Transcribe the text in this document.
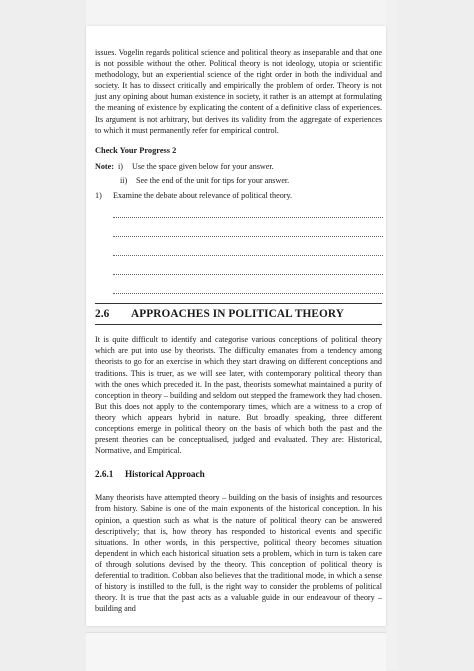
issues. Vogelin regards political science and political theory as inseparable and that one is not possible without the other. Political theory is not ideology, utopia or scientific methodology, but an experiential science of the right order in both the individual and society. It has to dissect critically and empirically the problem of order. Theory is not just any opining about human existence in society, it rather is an attempt at formulating the meaning of existence by explicating the content of a definitive class of experiences. Its argument is not arbitrary, but derives its validity from the aggregate of experiences to which it must permanently refer for empirical control.

Check Your Progress 2
Note: i)	Use the space given below for your answer.
ii)	See the end of the unit for tips for your answer.
1)	Examine the debate about relevance of political theory.
2.6	APPROACHES IN POLITICAL THEORY

It is quite difficult to identify and categorise various conceptions of political theory which are put into use by theorists. The difficulty emanates from a tendency among theorists to go for an exercise in which they start drawing on different conceptions and traditions. This is truer, as we will see later, with contemporary political theory than with the ones which preceded it. In the past, theorists somewhat maintained a purity of conception in theory – building and seldom out stepped the framework they had chosen. But this does not apply to the contemporary times, which are a witness to a crop of theory which appears hybrid in nature. But broadly speaking, three different conceptions emerge in political theory on the basis of which both the past and the present theories can be conceptualised, judged and evaluated. They are: Historical, Normative, and Empirical.

2.6.1	Historical Approach

Many theorists have attempted theory – building on the basis of insights and resources from history. Sabine is one of the main exponents of the historical conception. In his opinion, a question such as what is the nature of political theory can be answered descriptively; that is, how theory has responded to historical events and specific situations. In other words, in this perspective, political theory becomes situation dependent in which each historical situation sets a problem, which in turn is taken care of through solutions devised by the theory. This conception of political theory is deferential to tradition. Cobban also believes that the traditional mode, in which a sense of history is instilled to the full, is the right way to consider the problems of political theory. It is true that the past acts as a valuable guide in our endeavour of theory – building and
